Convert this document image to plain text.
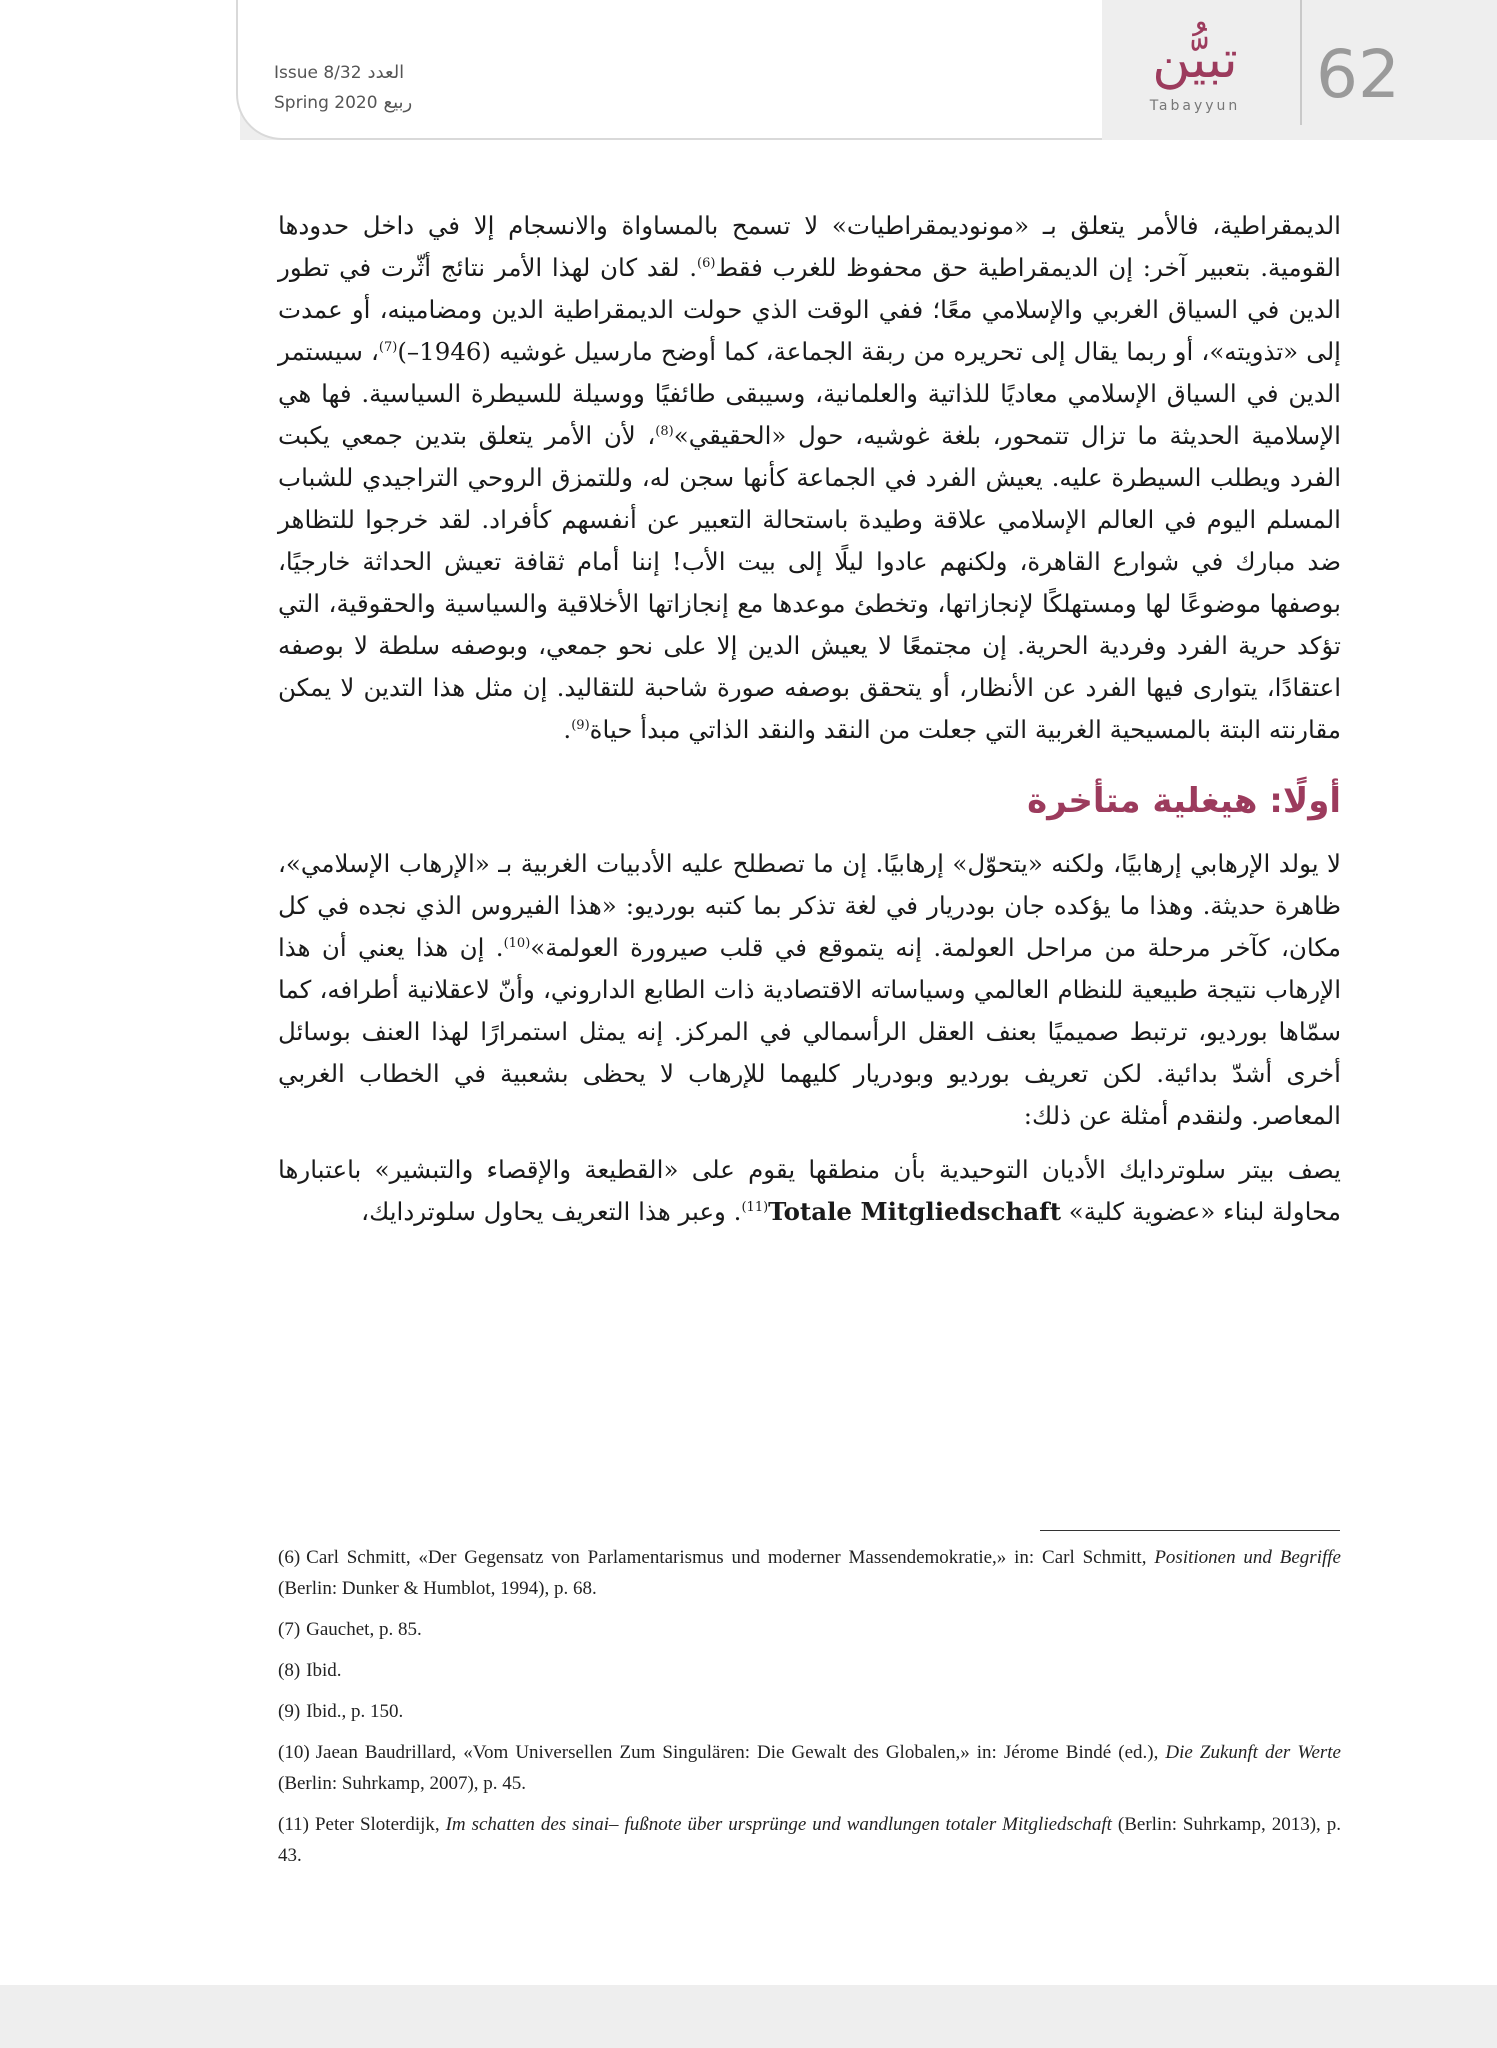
Issue 8/32 العدد
Spring 2020 ربيع
تبيُّن
Tabayyun 62

الديمقراطية، فالأمر يتعلق بـ «مونوديمقراطيات» لا تسمح بالمساواة والانسجام إلا في داخل حدودها القومية. بتعبير آخر: إن الديمقراطية حق محفوظ للغرب فقط$^{(6)}$. لقد كان لهذا الأمر نتائج أثّرت في تطور الدين في السياق الغربي والإسلامي معًا؛ ففي الوقت الذي حولت الديمقراطية الدين ومضامينه، أو عمدت إلى «تذويته»، أو ربما يقال إلى تحريره من ربقة الجماعة، كما أوضح مارسيل غوشيه $(1946-)^{(7)}،$ سيستمر الدين في السياق الإسلامي معاديًا للذاتية والعلمانية، وسيبقى طائفيًا ووسيلة للسيطرة السياسية. فها هي الإسلامية الحديثة ما تزال تتمحور، بلغة غوشيه، حول «الحقيقي»$^{(8)}$، لأن الأمر يتعلق بتدين جمعي يكبت الفرد ويطلب السيطرة عليه. يعيش الفرد في الجماعة كأنها سجن له، وللتمزق الروحي التراجيدي للشباب المسلم اليوم في العالم الإسلامي علاقة وطيدة باستحالة التعبير عن أنفسهم كأفراد. لقد خرجوا للتظاهر ضد مبارك في شوارع القاهرة، ولكنهم عادوا ليلًا إلى بيت الأب! إننا أمام ثقافة تعيش الحداثة خارجيًا، بوصفها موضوعًا لها ومستهلكًا لإنجازاتها، وتخطئ موعدها مع إنجازاتها الأخلاقية والسياسية والحقوقية، التي تؤكد حرية الفرد وفردية الحرية. إن مجتمعًا لا يعيش الدين إلا على نحو جمعي، وبوصفه سلطة لا بوصفه اعتقادًا، يتوارى فيها الفرد عن الأنظار، أو يتحقق بوصفه صورة شاحبة للتقاليد. إن مثل هذا التدين لا يمكن مقارنته البتة بالمسيحية الغربية التي جعلت من النقد والنقد الذاتي مبدأ حياة$^{(9)}$.

أولًا: هيغلية متأخرة

لا يولد الإرهابي إرهابيًا، ولكنه «يتحوّل» إرهابيًا. إن ما تصطلح عليه الأدبيات الغربية بـ «الإرهاب الإسلامي»، ظاهرة حديثة. وهذا ما يؤكده جان بودريار في لغة تذكر بما كتبه بورديو: «هذا الفيروس الذي نجده في كل مكان، كآخر مرحلة من مراحل العولمة. إنه يتموقع في قلب صيرورة العولمة»$^{(10)}$. إن هذا يعني أن هذا الإرهاب نتيجة طبيعية للنظام العالمي وسياساته الاقتصادية ذات الطابع الداروني، وأنّ لاعقلانية أطرافه، كما سمّاها بورديو، ترتبط صميميًا بعنف العقل الرأسمالي في المركز. إنه يمثل استمرارًا لهذا العنف بوسائل أخرى أشدّ بدائية. لكن تعريف بورديو وبودريار كليهما للإرهاب لا يحظى بشعبية في الخطاب الغربي المعاصر. ولنقدم أمثلة عن ذلك:

يصف بيتر سلوتردايك الأديان التوحيدية بأن منطقها يقوم على «القطيعة والإقصاء والتبشير» باعتبارها محاولة لبناء «عضوية كلية» Totale Mitgliedschaft$^{(11)}$. وعبر هذا التعريف يحاول سلوتردايك،

(6) Carl Schmitt, «Der Gegensatz von Parlamentarismus und moderner Massendemokratie,» in: Carl Schmitt, Positionen und Begriffe (Berlin: Dunker & Humblot, 1994), p. 68.

(7) Gauchet, p. 85.

(8) Ibid.

(9) Ibid., p. 150.

(10) Jaean Baudrillard, «Vom Universellen Zum Singulären: Die Gewalt des Globalen,» in: Jérome Bindé (ed.), Die Zukunft der Werte (Berlin: Suhrkamp, 2007), p. 45.

(11) Peter Sloterdijk, Im schatten des sinai– fußnote über ursprünge und wandlungen totaler Mitgliedschaft (Berlin: Suhrkamp, 2013), p. 43.
